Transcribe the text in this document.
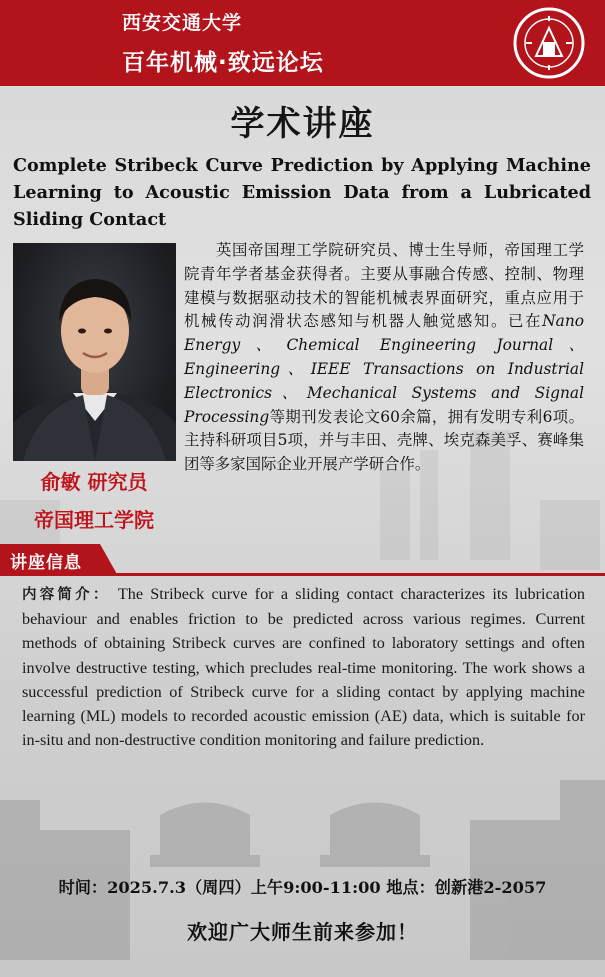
西安交通大学
百年机械·致远论坛
学术讲座
Complete Stribeck Curve Prediction by Applying Machine Learning to Acoustic Emission Data from a Lubricated Sliding Contact
俞敏 研究员
帝国理工学院
英国帝国理工学院研究员、博士生导师，帝国理工学院青年学者基金获得者。主要从事融合传感、控制、物理建模与数据驱动技术的智能机械表界面研究，重点应用于机械传动润滑状态感知与机器人触觉感知。已在Nano Energy、Chemical Engineering Journal、Engineering、IEEE Transactions on Industrial Electronics、Mechanical Systems and Signal Processing等期刊发表论文60余篇，拥有发明专利6项。主持科研项目5项，并与丰田、壳牌、埃克森美孚、赛峰集团等多家国际企业开展产学研合作。
讲座信息
内容简介： The Stribeck curve for a sliding contact characterizes its lubrication behaviour and enables friction to be predicted across various regimes. Current methods of obtaining Stribeck curves are confined to laboratory settings and often involve destructive testing, which precludes real-time monitoring. The work shows a successful prediction of Stribeck curve for a sliding contact by applying machine learning (ML) models to recorded acoustic emission (AE) data, which is suitable for in-situ and non-destructive condition monitoring and failure prediction.
时间：2025.7.3（周四）上午9:00-11:00 地点：创新港2-2057
欢迎广大师生前来参加！
